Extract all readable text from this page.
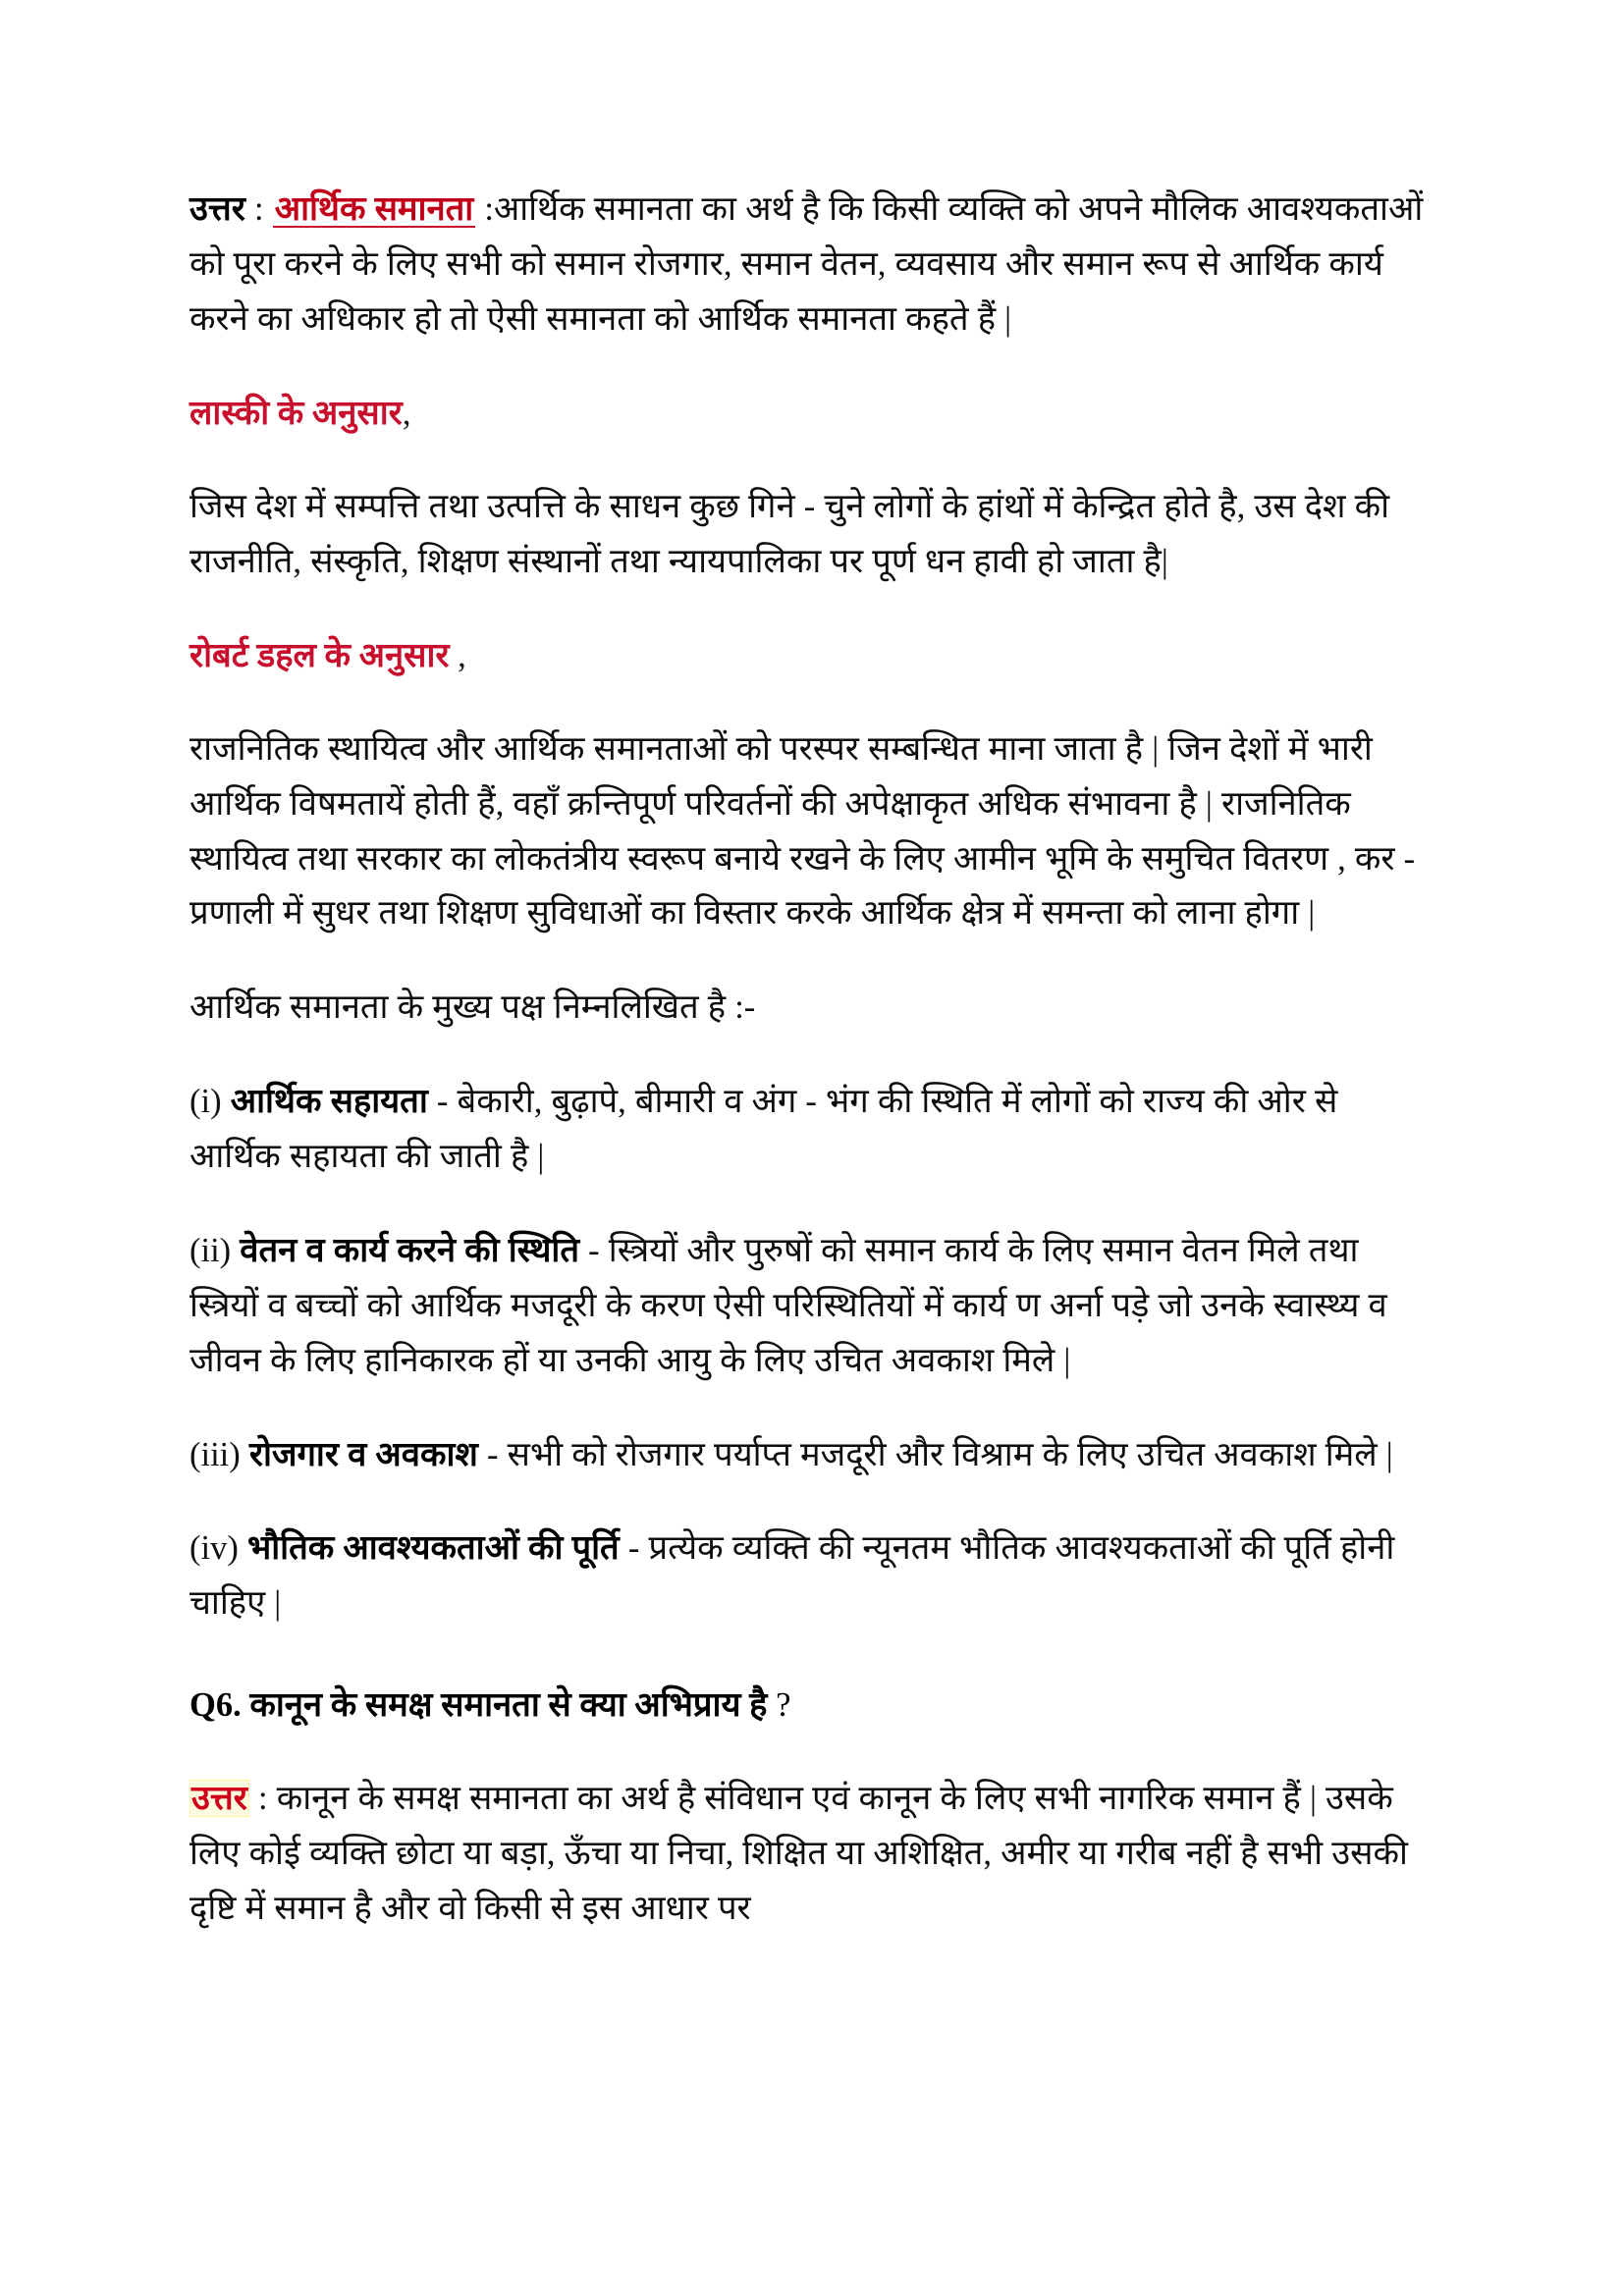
उत्तर : आर्थिक समानता :आर्थिक समानता का अर्थ है कि किसी व्यक्ति को अपने मौलिक आवश्यकताओं को पूरा करने के लिए सभी को समान रोजगार, समान वेतन, व्यवसाय और समान रूप से आर्थिक कार्य करने का अधिकार हो तो ऐसी समानता को आर्थिक समानता कहते हैं |

लास्की के अनुसार,

जिस देश में सम्पत्ति तथा उत्पत्ति के साधन कुछ गिने - चुने लोगों के हांथों में केन्द्रित होते है, उस देश की राजनीति, संस्कृति, शिक्षण संस्थानों तथा न्यायपालिका पर पूर्ण धन हावी हो जाता है|

रोबर्ट डहल के अनुसार ,

राजनितिक स्थायित्व और आर्थिक समानताओं को परस्पर सम्बन्धित माना जाता है | जिन देशों में भारी आर्थिक विषमतायें होती हैं, वहाँ क्रन्तिपूर्ण परिवर्तनों की अपेक्षाकृत अधिक संभावना है | राजनितिक स्थायित्व तथा सरकार का लोकतंत्रीय स्वरूप बनाये रखने के लिए आमीन भूमि के समुचित वितरण , कर - प्रणाली में सुधर तथा शिक्षण सुविधाओं का विस्तार करके आर्थिक क्षेत्र में समन्ता को लाना होगा |

आर्थिक समानता के मुख्य पक्ष निम्नलिखित है :-

(i) आर्थिक सहायता - बेकारी, बुढ़ापे, बीमारी व अंग - भंग की स्थिति में लोगों को राज्य की ओर से आर्थिक सहायता की जाती है |

(ii) वेतन व कार्य करने की स्थिति - स्त्रियों और पुरुषों को समान कार्य के लिए समान वेतन मिले तथा स्त्रियों व बच्चों को आर्थिक मजदूरी के करण ऐसी परिस्थितियों में कार्य ण अर्ना पड़े जो उनके स्वास्थ्य व जीवन के लिए हानिकारक हों या उनकी आयु के लिए उचित अवकाश मिले |

(iii) रोजगार व अवकाश - सभी को रोजगार पर्याप्त मजदूरी और विश्राम के लिए उचित अवकाश मिले |

(iv) भौतिक आवश्यकताओं की पूर्ति - प्रत्येक व्यक्ति की न्यूनतम भौतिक आवश्यकताओं की पूर्ति होनी चाहिए |

Q6. कानून के समक्ष समानता से क्या अभिप्राय है ?

उत्तर : कानून के समक्ष समानता का अर्थ है संविधान एवं कानून के लिए सभी नागरिक समान हैं | उसके लिए कोई व्यक्ति छोटा या बड़ा, ऊँचा या निचा, शिक्षित या अशिक्षित, अमीर या गरीब नहीं है सभी उसकी दृष्टि में समान है और वो किसी से इस आधार पर
